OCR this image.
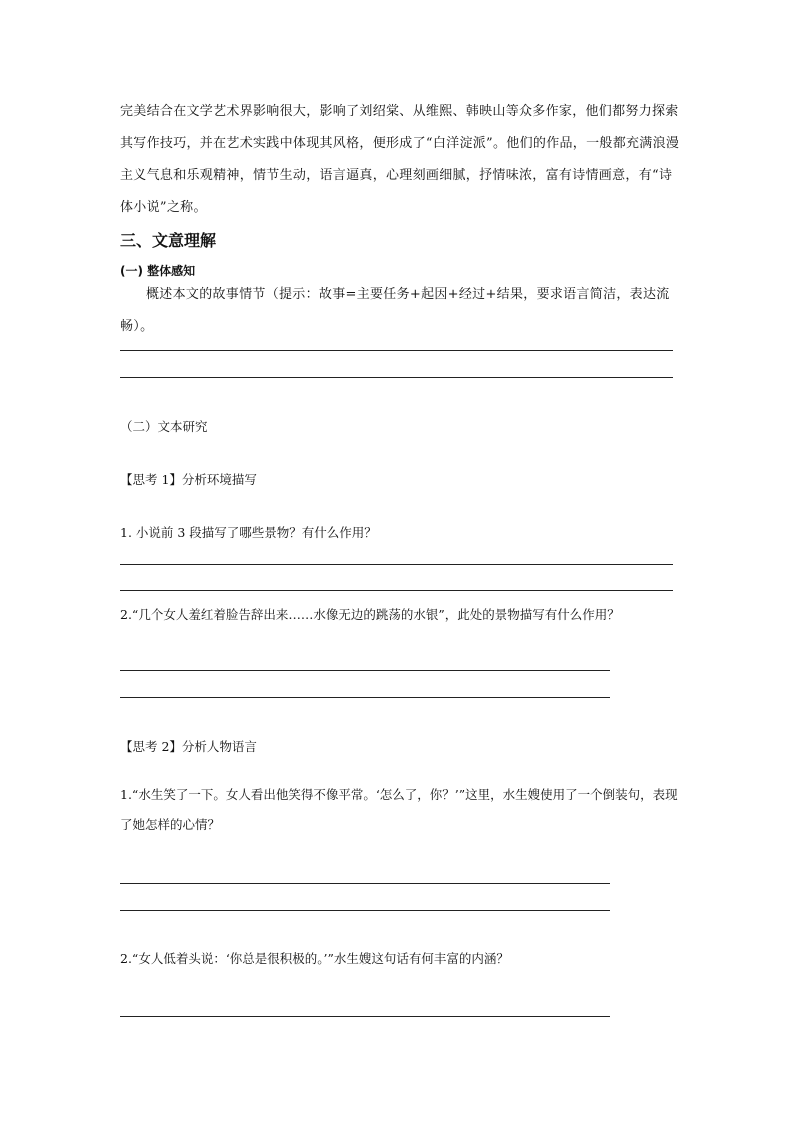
完美结合在文学艺术界影响很大，影响了刘绍棠、从维熙、韩映山等众多作家，他们都努力探索其写作技巧，并在艺术实践中体现其风格，便形成了“白洋淀派”。他们的作品，一般都充满浪漫主义气息和乐观精神，情节生动，语言逼真，心理刻画细腻，抒情味浓，富有诗情画意，有“诗体小说”之称。
三、文意理解
(一) 整体感知
概述本文的故事情节（提示：故事=主要任务+起因+经过+结果，要求语言简洁，表达流畅）。
（二）文本研究
【思考 1】分析环境描写
1. 小说前 3 段描写了哪些景物？有什么作用？
2.“几个女人羞红着脸告辞出来……水像无边的跳荡的水银”，此处的景物描写有什么作用？
【思考 2】分析人物语言
1.“水生笑了一下。女人看出他笑得不像平常。‘怎么了，你？’”这里，水生嫂使用了一个倒装句，表现了她怎样的心情？
2.“女人低着头说：‘你总是很积极的。’”水生嫂这句话有何丰富的内涵？
